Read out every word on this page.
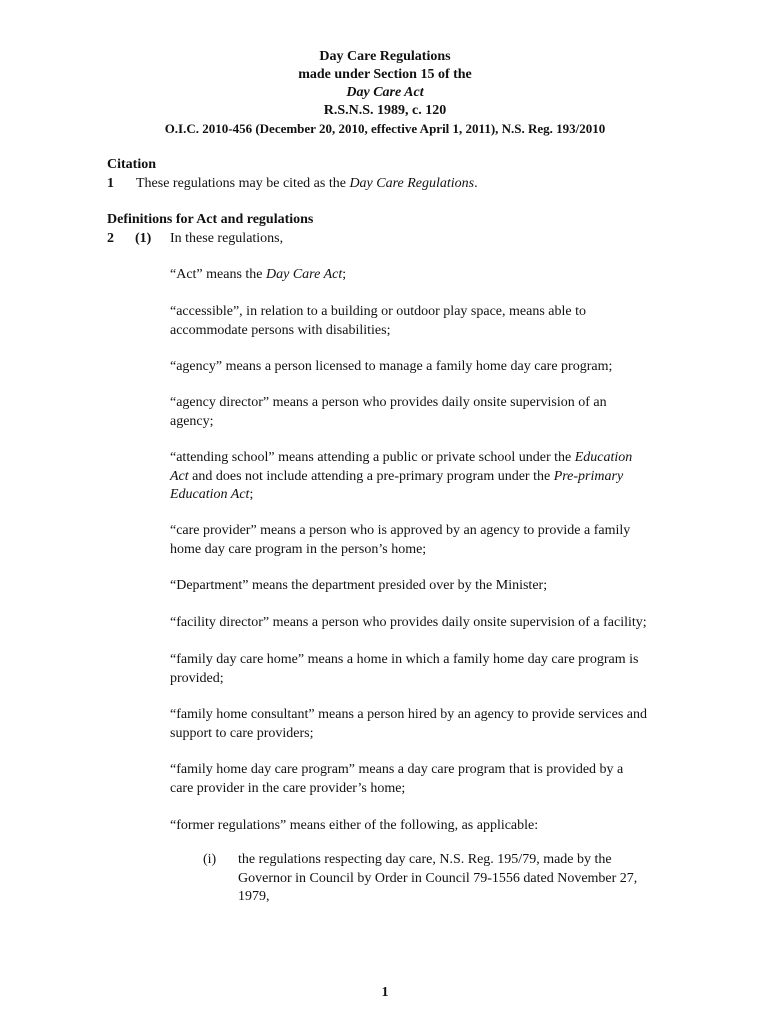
Day Care Regulations
made under Section 15 of the
Day Care Act
R.S.N.S. 1989, c. 120
O.I.C. 2010-456 (December 20, 2010, effective April 1, 2011), N.S. Reg. 193/2010
Citation
1 These regulations may be cited as the Day Care Regulations.
Definitions for Act and regulations
2 (1) In these regulations,
“Act” means the Day Care Act;
“accessible”, in relation to a building or outdoor play space, means able to accommodate persons with disabilities;
“agency” means a person licensed to manage a family home day care program;
“agency director” means a person who provides daily onsite supervision of an agency;
“attending school” means attending a public or private school under the Education Act and does not include attending a pre-primary program under the Pre-primary Education Act;
“care provider” means a person who is approved by an agency to provide a family home day care program in the person’s home;
“Department” means the department presided over by the Minister;
“facility director” means a person who provides daily onsite supervision of a facility;
“family day care home” means a home in which a family home day care program is provided;
“family home consultant” means a person hired by an agency to provide services and support to care providers;
“family home day care program” means a day care program that is provided by a care provider in the care provider’s home;
“former regulations” means either of the following, as applicable:
(i) the regulations respecting day care, N.S. Reg. 195/79, made by the Governor in Council by Order in Council 79-1556 dated November 27, 1979,
1
